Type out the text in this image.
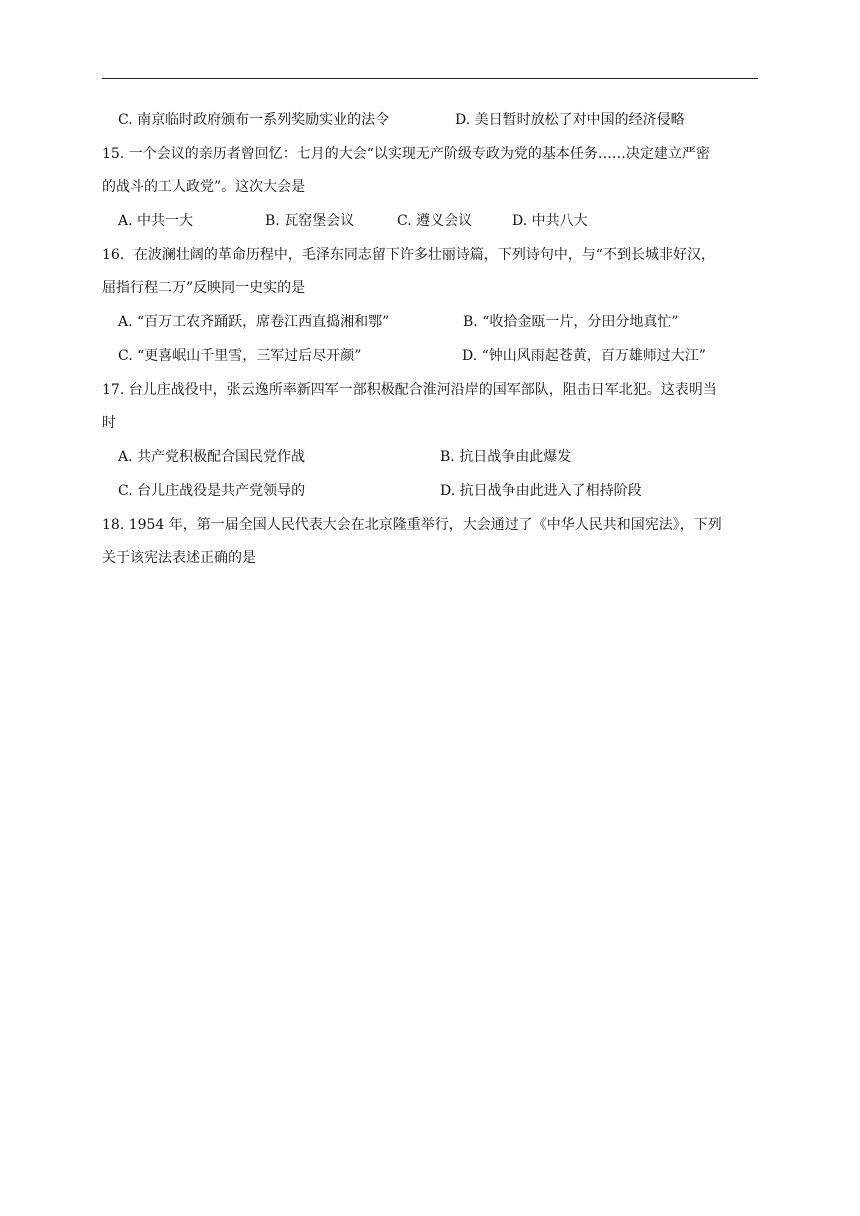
C. 南京临时政府颁布一系列奖励实业的法令	D. 美日暂时放松了对中国的经济侵略
15. 一个会议的亲历者曾回忆：七月的大会“以实现无产阶级专政为党的基本任务……决定建立严密
的战斗的工人政党”。这次大会是
A. 中共一大	B. 瓦窑堡会议	C. 遵义会议	D. 中共八大
16．在波澜壮阔的革命历程中，毛泽东同志留下许多壮丽诗篇，下列诗句中，与“不到长城非好汉，
屈指行程二万”反映同一史实的是
A. “百万工农齐踊跃，席卷江西直捣湘和鄂”	B. “收拾金瓯一片，分田分地真忙”
C. “更喜岷山千里雪，三军过后尽开颜”	D. “钟山风雨起苍黄，百万雄师过大江”
17. 台儿庄战役中，张云逸所率新四军一部积极配合淮河沿岸的国军部队，阻击日军北犯。这表明当
时
A. 共产党积极配合国民党作战	B. 抗日战争由此爆发
C. 台儿庄战役是共产党领导的	D. 抗日战争由此进入了相持阶段
18. 1954 年，第一届全国人民代表大会在北京隆重举行，大会通过了《中华人民共和国宪法》，下列
关于该宪法表述正确的是
